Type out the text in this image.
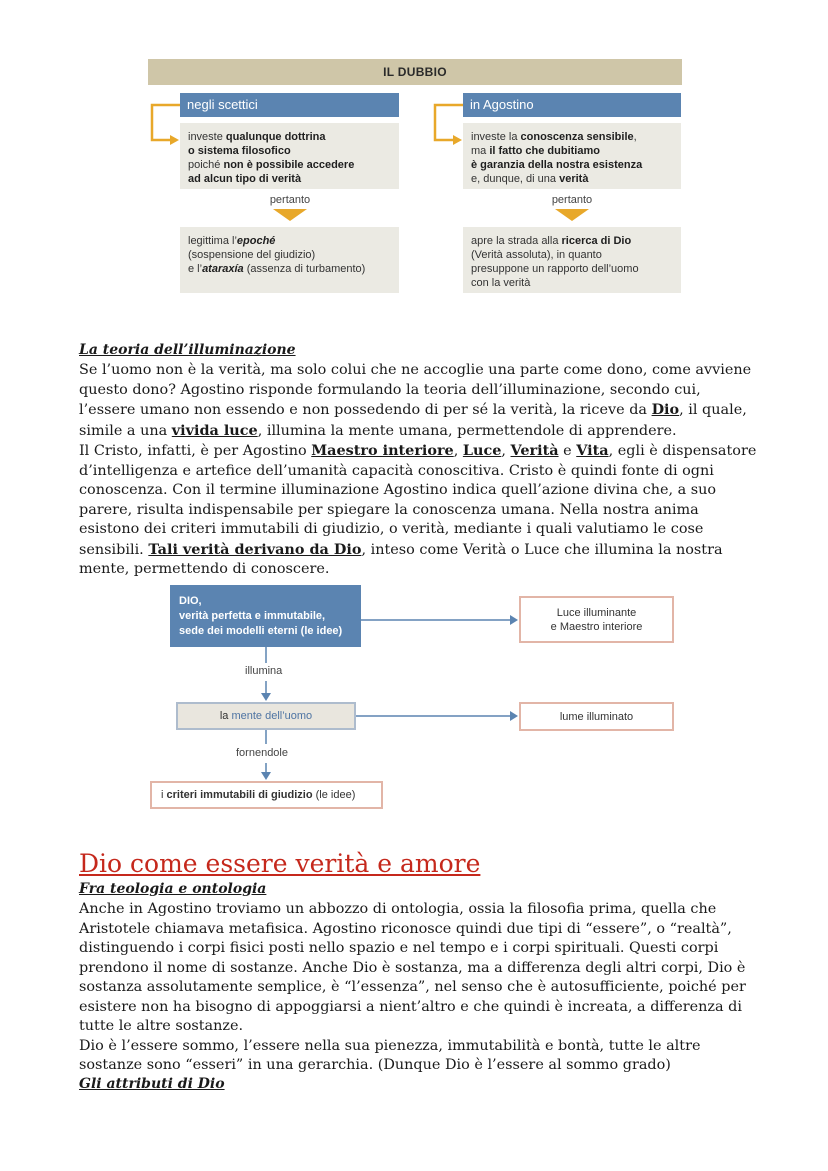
IL DUBBIO
negli scettici	in Agostino
investe qualunque dottrina
o sistema filosofico
poiché non è possibile accedere
ad alcun tipo di verità
investe la conoscenza sensibile,
ma il fatto che dubitiamo
è garanzia della nostra esistenza
e, dunque, di una verità
pertanto	pertanto
legittima l’epoché
(sospensione del giudizio)
e l’ataraxía (assenza di turbamento)
apre la strada alla ricerca di Dio
(Verità assoluta), in quanto
presuppone un rapporto dell’uomo
con la verità
La teoria dell’illuminazione
Se l’uomo non è la verità, ma solo colui che ne accoglie una parte come dono, come avviene questo dono? Agostino risponde formulando la teoria dell’illuminazione, secondo cui, l’essere umano non essendo e non possedendo di per sé la verità, la riceve da Dio, il quale, simile a una vivida luce, illumina la mente umana, permettendole di apprendere.
Il Cristo, infatti, è per Agostino Maestro interiore, Luce, Verità e Vita, egli è dispensatore d’intelligenza e artefice dell’umanità capacità conoscitiva. Cristo è quindi fonte di ogni conoscenza. Con il termine illuminazione Agostino indica quell’azione divina che, a suo parere, risulta indispensabile per spiegare la conoscenza umana. Nella nostra anima esistono dei criteri immutabili di giudizio, o verità, mediante i quali valutiamo le cose sensibili. Tali verità derivano da Dio, inteso come Verità o Luce che illumina la nostra mente, permettendo di conoscere.
DIO,
verità perfetta e immutabile,
sede dei modelli eterni (le idee)
Luce illuminante
e Maestro interiore
illumina
la mente dell’uomo	lume illuminato
fornendole
i criteri immutabili di giudizio (le idee)
Dio come essere verità e amore
Fra teologia e ontologia
Anche in Agostino troviamo un abbozzo di ontologia, ossia la filosofia prima, quella che Aristotele chiamava metafisica. Agostino riconosce quindi due tipi di “essere”, o “realtà”, distinguendo i corpi fisici posti nello spazio e nel tempo e i corpi spirituali. Questi corpi prendono il nome di sostanze. Anche Dio è sostanza, ma a differenza degli altri corpi, Dio è sostanza assolutamente semplice, è “l’essenza”, nel senso che è autosufficiente, poiché per esistere non ha bisogno di appoggiarsi a nient’altro e che quindi è increata, a differenza di tutte le altre sostanze.
Dio è l’essere sommo, l’essere nella sua pienezza, immutabilità e bontà, tutte le altre sostanze sono “esseri” in una gerarchia. (Dunque Dio è l’essere al sommo grado)
Gli attributi di Dio
